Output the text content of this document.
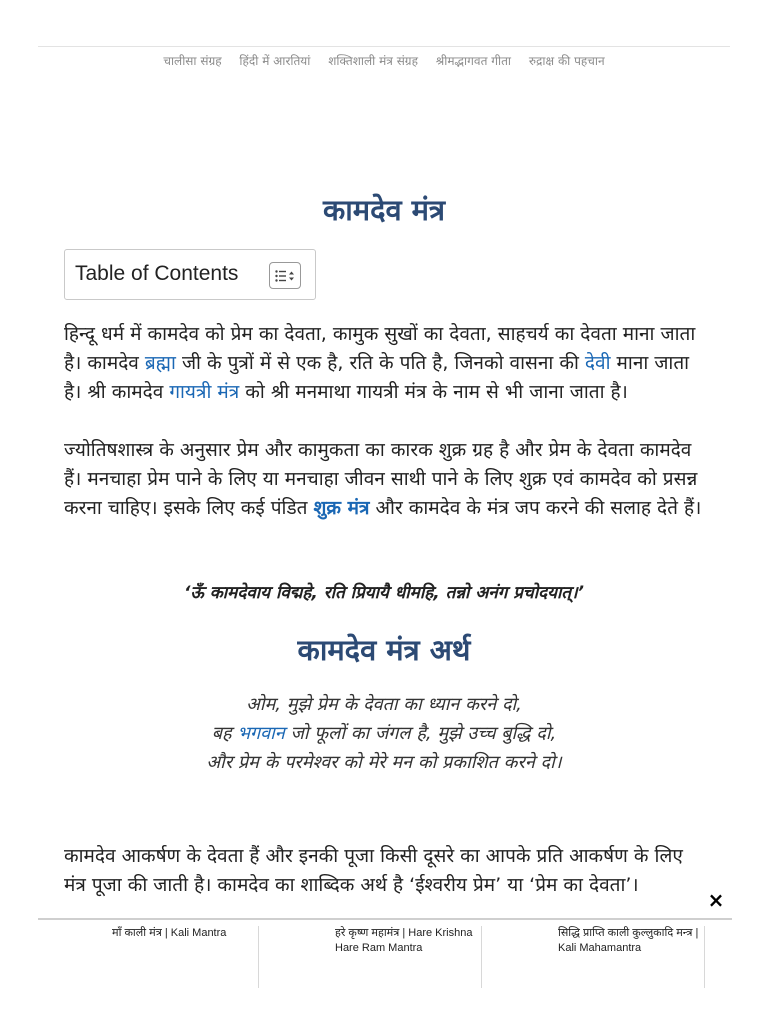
चालीसा संग्रह हिंदी में आरतियां शक्तिशाली मंत्र संग्रह श्रीमद्भागवत गीता रुद्राक्ष की पहचान
कामदेव मंत्र
Table of Contents

हिन्दू धर्म में कामदेव को प्रेम का देवता, कामुक सुखों का देवता, साहचर्य का देवता माना जाता है। कामदेव ब्रह्मा जी के पुत्रों में से एक है, रति के पति है, जिनको वासना की देवी माना जाता है। श्री कामदेव गायत्री मंत्र को श्री मनमाथा गायत्री मंत्र के नाम से भी जाना जाता है।

ज्योतिषशास्त्र के अनुसार प्रेम और कामुकता का कारक शुक्र ग्रह है और प्रेम के देवता कामदेव हैं। मनचाहा प्रेम पाने के लिए या मनचाहा जीवन साथी पाने के लिए शुक्र एवं कामदेव को प्रसन्न करना चाहिए। इसके लिए कई पंडित शुक्र मंत्र और कामदेव के मंत्र जप करने की सलाह देते हैं।

‘ऊँ कामदेवाय विद्महे, रति प्रियायै धीमहि, तन्नो अनंग प्रचोदयात्।’

कामदेव मंत्र अर्थ

ओम, मुझे प्रेम के देवता का ध्यान करने दो,
बह भगवान जो फूलों का जंगल है, मुझे उच्च बुद्धि दो,
और प्रेम के परमेश्वर को मेरे मन को प्रकाशित करने दो।

कामदेव आकर्षण के देवता हैं और इनकी पूजा किसी दूसरे का आपके प्रति आकर्षण के लिए मंत्र पूजा की जाती है। कामदेव का शाब्दिक अर्थ है ‘ईश्वरीय प्रेम’ या ‘प्रेम का देवता’।

×
माँ काली मंत्र | Kali Mantra	हरे कृष्ण महामंत्र | Hare Krishna Hare Ram Mantra
सिद्धि प्राप्ति काली कुल्लुकादि मन्त्र | Kali Mahamantra
